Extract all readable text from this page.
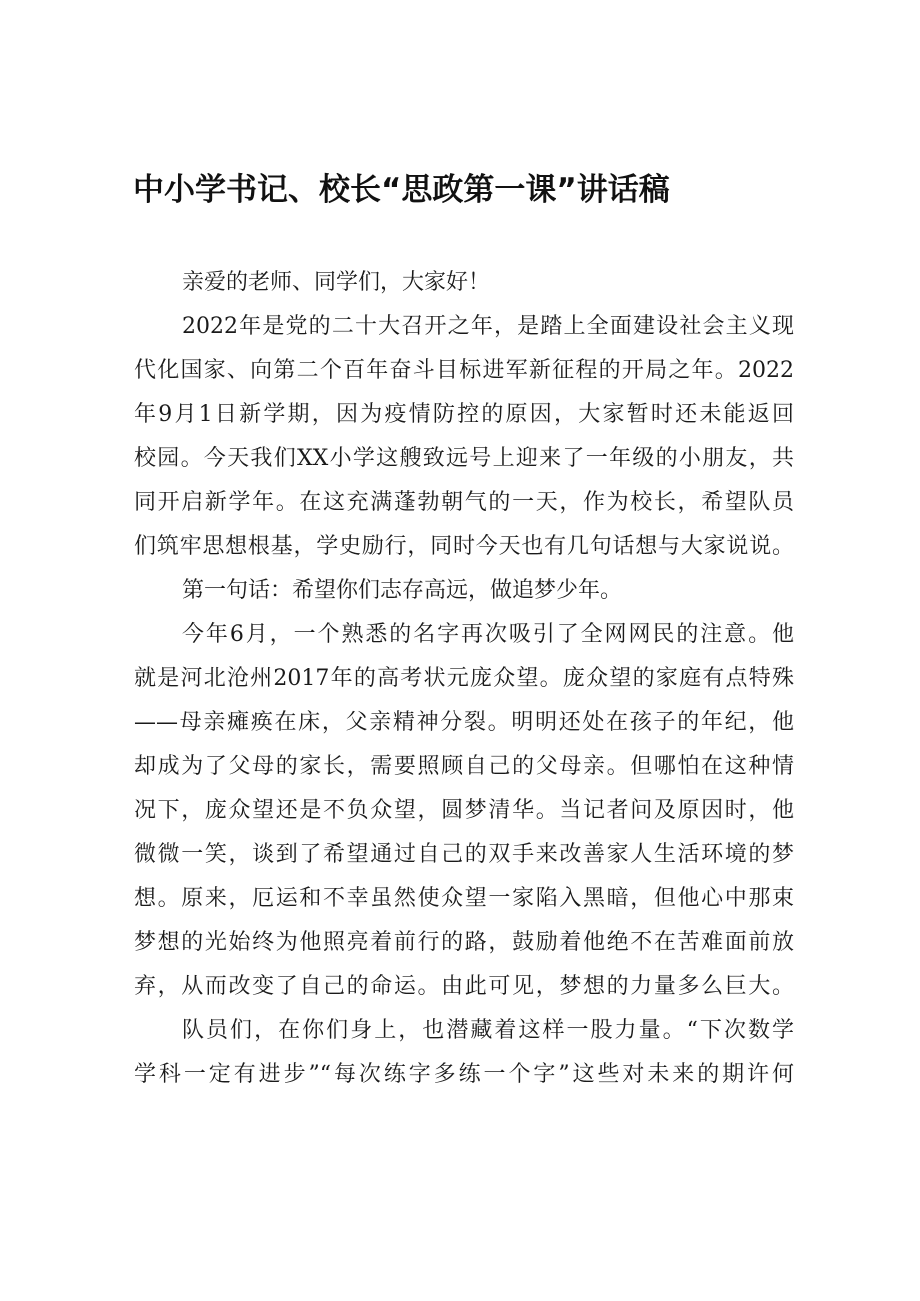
中小学书记、校长“思政第一课”讲话稿

亲爱的老师、同学们，大家好！

2022年是党的二十大召开之年，是踏上全面建设社会主义现
代化国家、向第二个百年奋斗目标进军新征程的开局之年。2022
年9月1日新学期，因为疫情防控的原因，大家暂时还未能返回
校园。今天我们XX小学这艘致远号上迎来了一年级的小朋友，共
同开启新学年。在这充满蓬勃朝气的一天，作为校长，希望队员
们筑牢思想根基，学史励行，同时今天也有几句话想与大家说说。

第一句话：希望你们志存高远，做追梦少年。

今年6月，一个熟悉的名字再次吸引了全网网民的注意。他
就是河北沧州2017年的高考状元庞众望。庞众望的家庭有点特殊
——母亲瘫痪在床，父亲精神分裂。明明还处在孩子的年纪，他
却成为了父母的家长，需要照顾自己的父母亲。但哪怕在这种情
况下，庞众望还是不负众望，圆梦清华。当记者问及原因时，他
微微一笑，谈到了希望通过自己的双手来改善家人生活环境的梦
想。原来，厄运和不幸虽然使众望一家陷入黑暗，但他心中那束
梦想的光始终为他照亮着前行的路，鼓励着他绝不在苦难面前放
弃，从而改变了自己的命运。由此可见，梦想的力量多么巨大。

队员们，在你们身上，也潜藏着这样一股力量。“下次数学
学科一定有进步”“每次练字多练一个字”这些对未来的期许何
